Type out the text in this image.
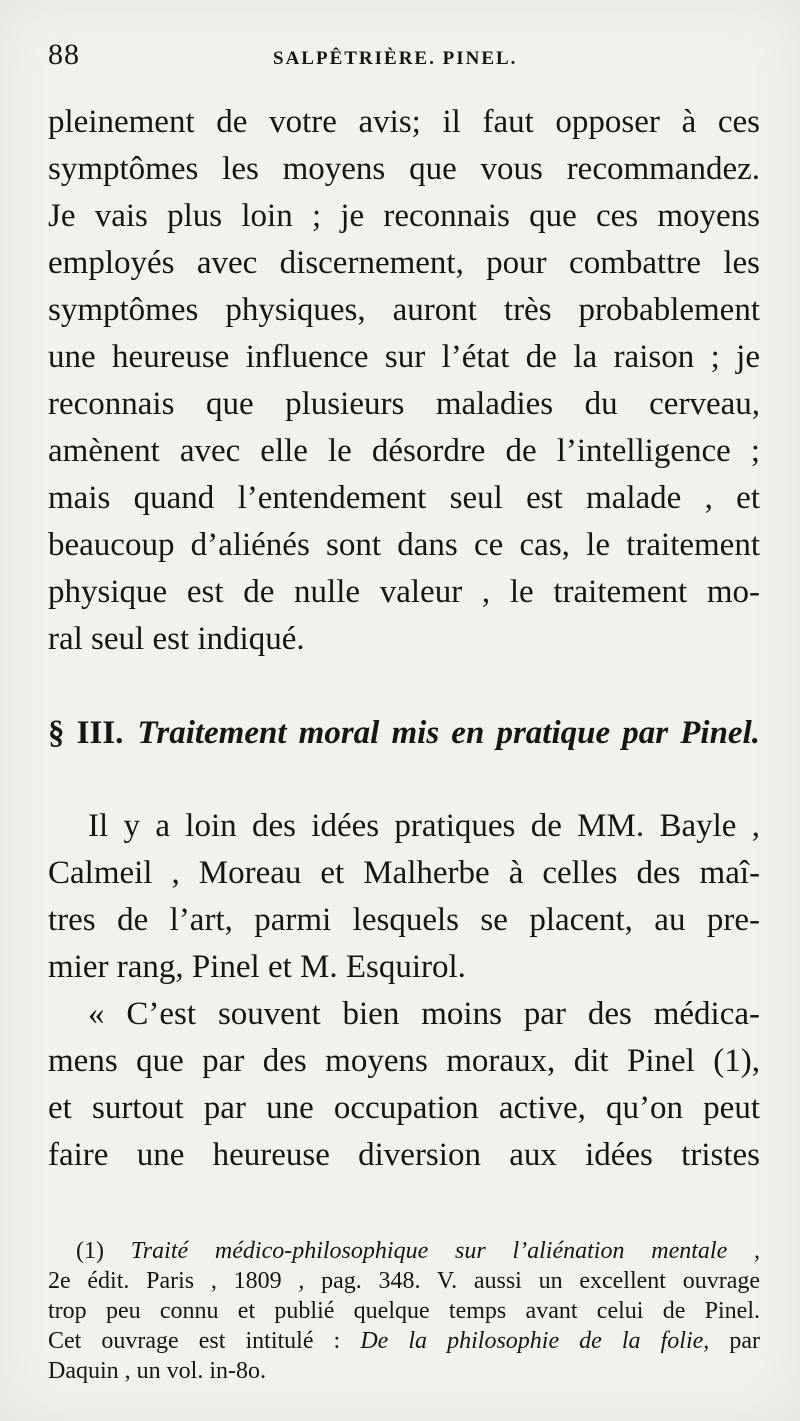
88	SALPÊTRIÈRE. PINEL.
pleinement de votre avis; il faut opposer à ces
symptômes les moyens que vous recommandez.
Je vais plus loin ; je reconnais que ces moyens
employés avec discernement, pour combattre les
symptômes physiques, auront très probablement
une heureuse influence sur l’état de la raison ; je
reconnais que plusieurs maladies du cerveau,
amènent avec elle le désordre de l’intelligence ;
mais quand l’entendement seul est malade , et
beaucoup d’aliénés sont dans ce cas, le traitement
physique est de nulle valeur , le traitement mo-
ral seul est indiqué.
§ III. Traitement moral mis en pratique par Pinel.
Il y a loin des idées pratiques de MM. Bayle ,
Calmeil , Moreau et Malherbe à celles des maî-
tres de l’art, parmi lesquels se placent, au pre-
mier rang, Pinel et M. Esquirol.
« C’est souvent bien moins par des médica-
mens que par des moyens moraux, dit Pinel (1),
et surtout par une occupation active, qu’on peut
faire une heureuse diversion aux idées tristes
(1) Traité médico-philosophique sur l’aliénation mentale ,
2e édit. Paris , 1809 , pag. 348. V. aussi un excellent ouvrage
trop peu connu et publié quelque temps avant celui de Pinel.
Cet ouvrage est intitulé : De la philosophie de la folie, par
Daquin , un vol. in-8o.
